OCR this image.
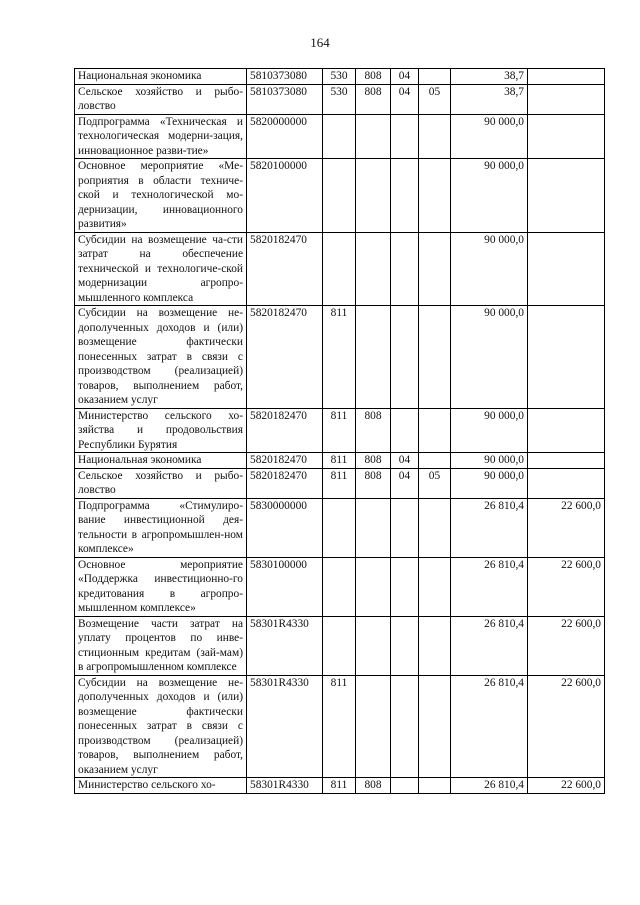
164
Национальная экономика	5810373080	530	808	04		38,7	
Сельское хозяйство и рыбо-ловство	5810373080	530	808	04	05	38,7	
Подпрограмма «Техническая и технологическая модерни-зация, инновационное разви-тие»	5820000000					90 000,0	
Основное мероприятие «Ме-роприятия в области техниче-ской и технологической мо-дернизации, инновационного развития»	5820100000					90 000,0	
Субсидии на возмещение ча-сти затрат на обеспечение технической и технологиче-ской модернизации агропро-мышленного комплекса	5820182470					90 000,0	
Субсидии на возмещение не-дополученных доходов и (или) возмещение фактически понесенных затрат в связи с производством (реализацией) товаров, выполнением работ, оказанием услуг	5820182470	811				90 000,0	
Министерство сельского хо-зяйства и продовольствия Республики Бурятия	5820182470	811	808			90 000,0	
Национальная экономика	5820182470	811	808	04		90 000,0	
Сельское хозяйство и рыбо-ловство	5820182470	811	808	04	05	90 000,0	
Подпрограмма «Стимулиро-вание инвестиционной дея-тельности в агропромышлен-ном комплексе»	5830000000					26 810,4	22 600,0
Основное мероприятие «Поддержка инвестиционно-го кредитования в агропро-мышленном комплексе»	5830100000					26 810,4	22 600,0
Возмещение части затрат на уплату процентов по инве-стиционным кредитам (зай-мам) в агропромышленном комплексе	58301R4330					26 810,4	22 600,0
Субсидии на возмещение не-дополученных доходов и (или) возмещение фактически понесенных затрат в связи с производством (реализацией) товаров, выполнением работ, оказанием услуг	58301R4330	811				26 810,4	22 600,0
Министерство сельского хо-	58301R4330	811	808			26 810,4	22 600,0
